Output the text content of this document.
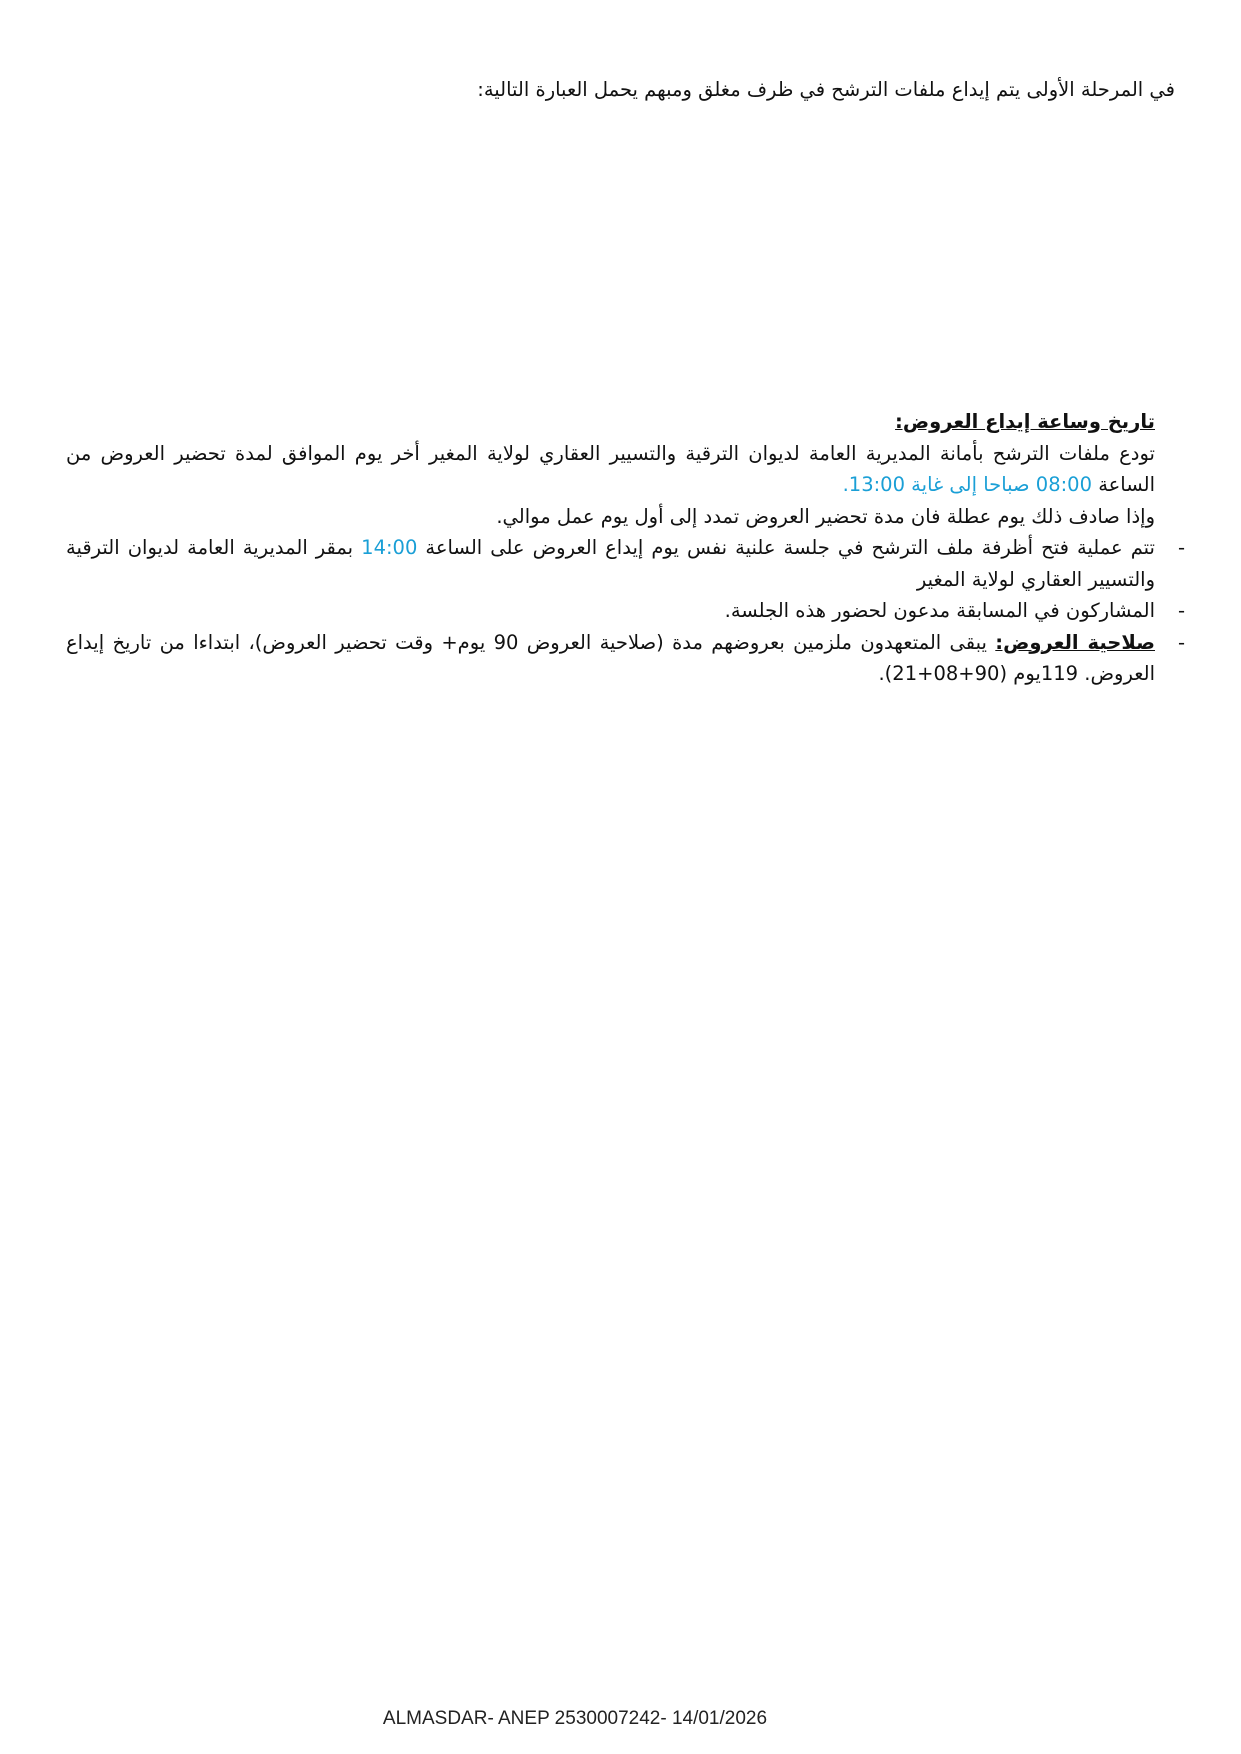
في المرحلة الأولى يتم إيداع ملفات الترشح في ظرف مغلق ومبهم يحمل العبارة التالية:
تاريخ وساعة إيداع العروض:
تودع ملفات الترشح بأمانة المديرية العامة لديوان الترقية والتسيير العقاري لولاية المغير أخر يوم الموافق لمدة تحضير العروض من الساعة 08:00 صباحا إلى غاية 13:00.
وإذا صادف ذلك يوم عطلة فان مدة تحضير العروض تمدد إلى أول يوم عمل موالي.
-
تتم عملية فتح أظرفة ملف الترشح في جلسة علنية نفس يوم إيداع العروض على الساعة 14:00 بمقر المديرية العامة لديوان الترقية والتسيير العقاري لولاية المغير
-
المشاركون في المسابقة مدعون لحضور هذه الجلسة.
-
صلاحية العروض: يبقى المتعهدون ملزمين بعروضهم مدة (صلاحية العروض 90 يوم+ وقت تحضير العروض)، ابتداءا من تاريخ إيداع العروض. 119يوم (90+08+21).
ALMASDAR- ANEP 2530007242- 14/01/2026
